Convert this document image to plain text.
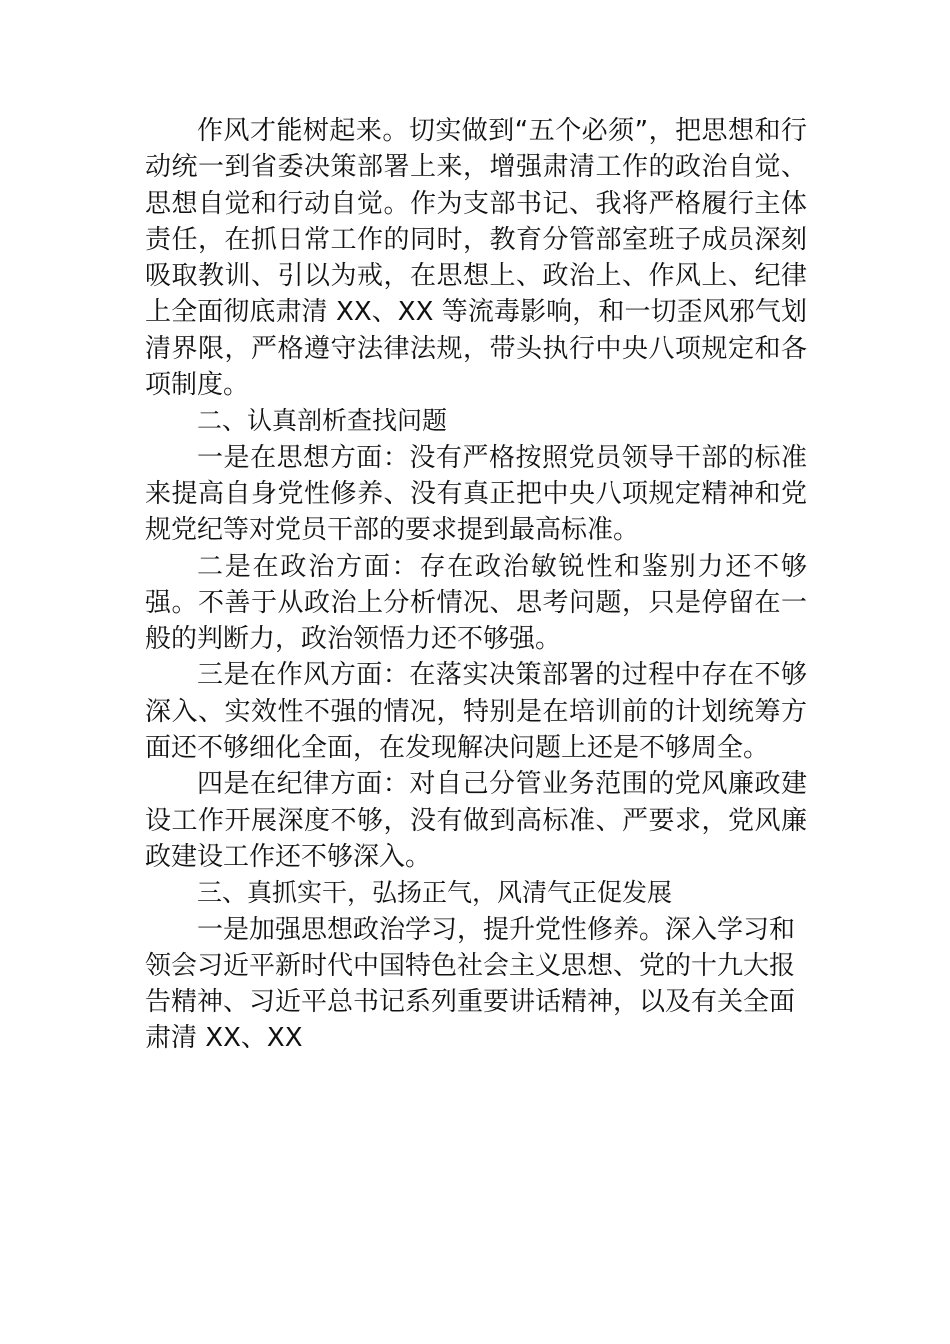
作风才能树起来。切实做到“五个必须”，把思想和行动统一到省委决策部署上来，增强肃清工作的政治自觉、思想自觉和行动自觉。作为支部书记、我将严格履行主体责任，在抓日常工作的同时，教育分管部室班子成员深刻吸取教训、引以为戒，在思想上、政治上、作风上、纪律上全面彻底肃清 XX、XX 等流毒影响，和一切歪风邪气划清界限，严格遵守法律法规，带头执行中央八项规定和各项制度。

二、认真剖析查找问题

一是在思想方面：没有严格按照党员领导干部的标准来提高自身党性修养、没有真正把中央八项规定精神和党规党纪等对党员干部的要求提到最高标准。

二是在政治方面：存在政治敏锐性和鉴别力还不够强。不善于从政治上分析情况、思考问题，只是停留在一般的判断力，政治领悟力还不够强。

三是在作风方面：在落实决策部署的过程中存在不够深入、实效性不强的情况，特别是在培训前的计划统筹方面还不够细化全面，在发现解决问题上还是不够周全。

四是在纪律方面：对自己分管业务范围的党风廉政建设工作开展深度不够，没有做到高标准、严要求，党风廉政建设工作还不够深入。

三、真抓实干，弘扬正气，风清气正促发展

一是加强思想政治学习，提升党性修养。深入学习和领会习近平新时代中国特色社会主义思想、党的十九大报告精神、习近平总书记系列重要讲话精神，以及有关全面肃清 XX、XX
